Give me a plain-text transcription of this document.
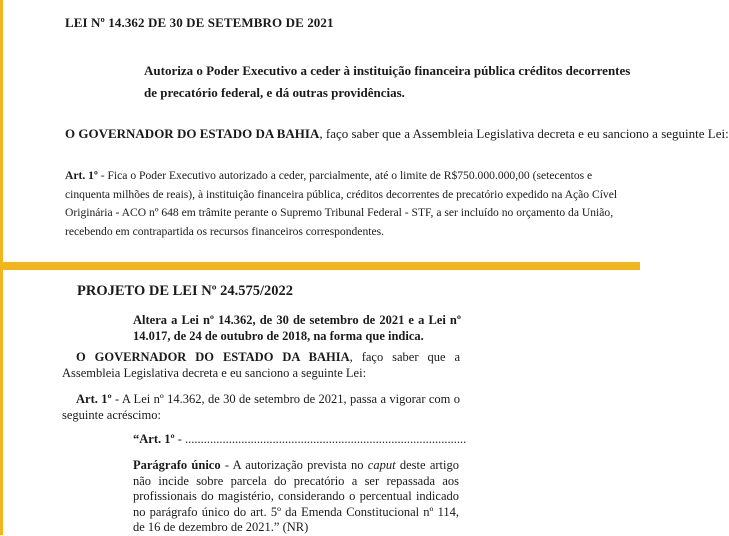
LEI Nº 14.362 DE 30 DE SETEMBRO DE 2021

Autoriza o Poder Executivo a ceder à instituição financeira pública créditos decorrentes de precatório federal, e dá outras providências.

O GOVERNADOR DO ESTADO DA BAHIA, faço saber que a Assembleia Legislativa decreta e eu sanciono a seguinte Lei:

Art. 1º - Fica o Poder Executivo autorizado a ceder, parcialmente, até o limite de R$750.000.000,00 (setecentos e cinquenta milhões de reais), à instituição financeira pública, créditos decorrentes de precatório expedido na Ação Cível Originária - ACO nº 648 em trâmite perante o Supremo Tribunal Federal - STF, a ser incluído no orçamento da União, recebendo em contrapartida os recursos financeiros correspondentes.

PROJETO DE LEI Nº 24.575/2022

Altera a Lei nº 14.362, de 30 de setembro de 2021 e a Lei nº 14.017, de 24 de outubro de 2018, na forma que indica.

O GOVERNADOR DO ESTADO DA BAHIA, faço saber que a Assembleia Legislativa decreta e eu sanciono a seguinte Lei:

Art. 1º - A Lei nº 14.362, de 30 de setembro de 2021, passa a vigorar com o seguinte acréscimo:

“Art. 1º - ..........................................................................................

Parágrafo único - A autorização prevista no caput deste artigo não incide sobre parcela do precatório a ser repassada aos profissionais do magistério, considerando o percentual indicado no parágrafo único do art. 5º da Emenda Constitucional nº 114, de 16 de dezembro de 2021.” (NR)
